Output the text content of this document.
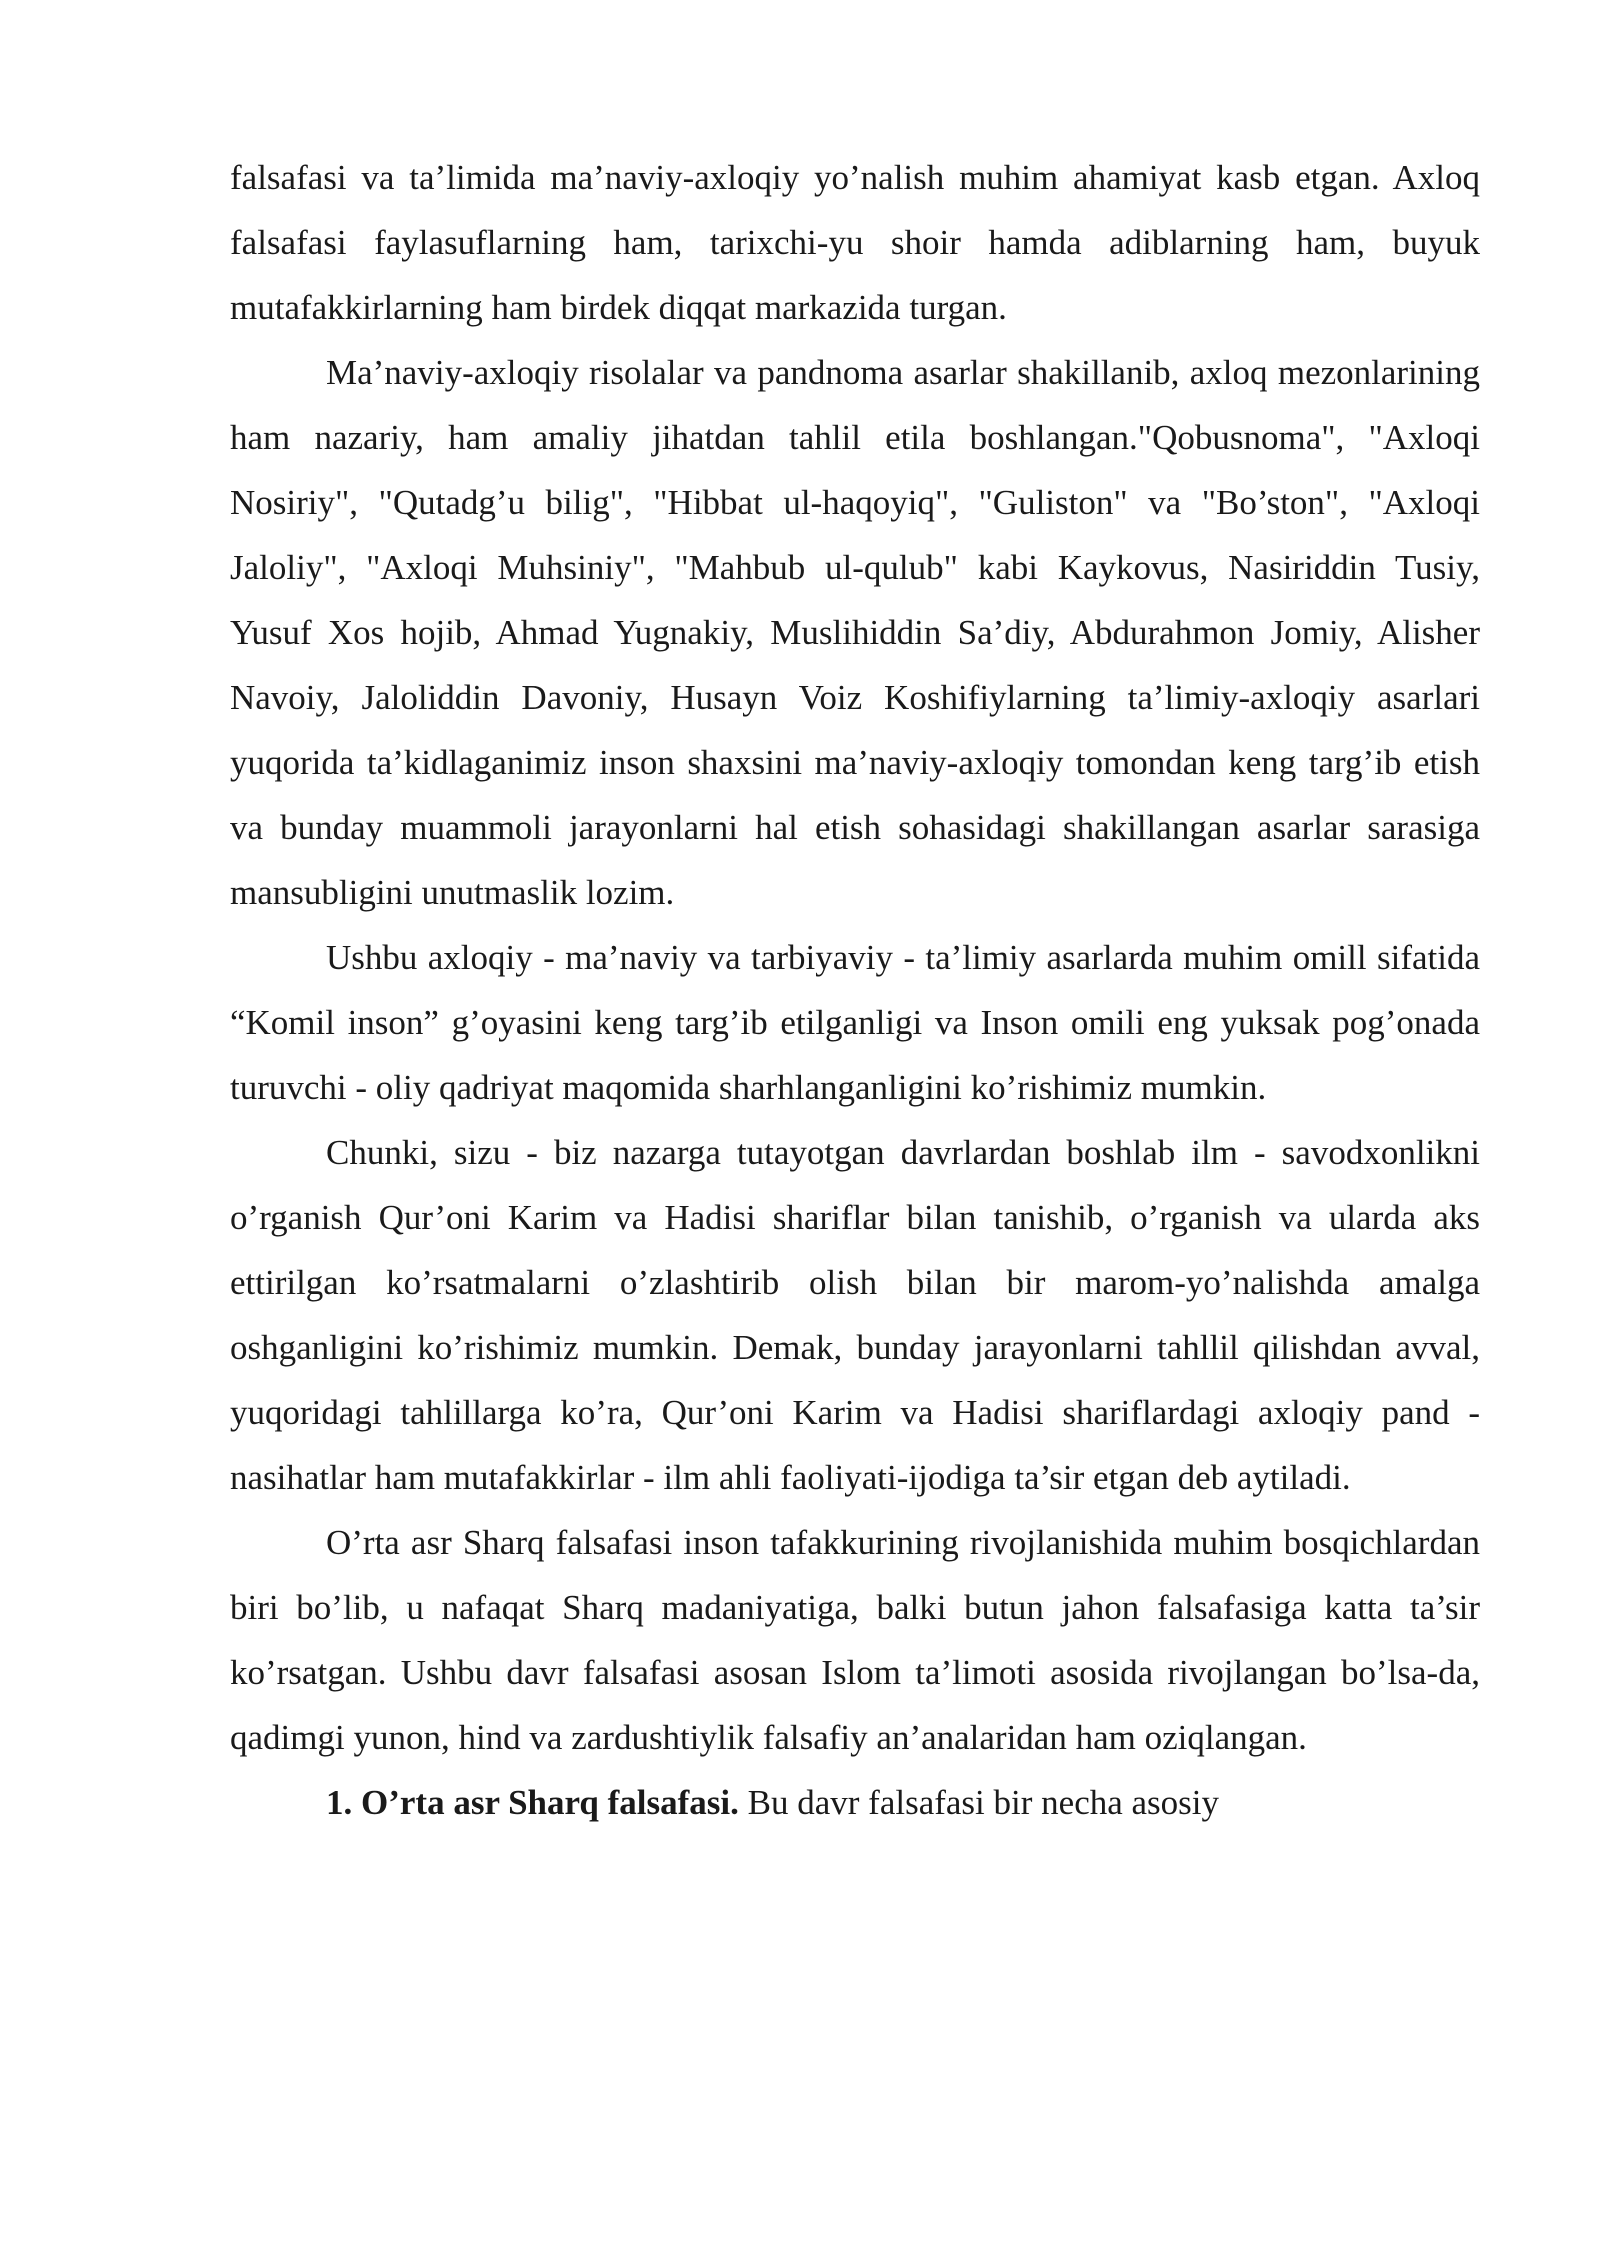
falsafasi va ta’limida ma’naviy-axloqiy yo’nalish muhim ahamiyat kasb etgan. Axloq falsafasi faylasuflarning ham, tarixchi-yu shoir hamda adiblarning ham, buyuk mutafakkirlarning ham birdek diqqat markazida turgan.

Ma’naviy-axloqiy risolalar va pandnoma asarlar shakillanib, axloq mezonlarining ham nazariy, ham amaliy jihatdan tahlil etila boshlangan."Qobusnoma", "Axloqi Nosiriy", "Qutadg’u bilig", "Hibbat ul-haqoyiq", "Guliston" va "Bo’ston", "Axloqi Jaloliy", "Axloqi Muhsiniy", "Mahbub ul-qulub" kabi Kaykovus, Nasiriddin Tusiy, Yusuf Xos hojib, Ahmad Yugnakiy, Muslihiddin Sa’diy, Abdurahmon Jomiy, Alisher Navoiy, Jaloliddin Davoniy, Husayn Voiz Koshifiylarning ta’limiy-axloqiy asarlari yuqorida ta’kidlaganimiz inson shaxsini ma’naviy-axloqiy tomondan keng targ’ib etish va bunday muammoli jarayonlarni hal etish sohasidagi shakillangan asarlar sarasiga mansubligini unutmaslik lozim.

Ushbu axloqiy - ma’naviy va tarbiyaviy - ta’limiy asarlarda muhim omill sifatida “Komil inson” g’oyasini keng targ’ib etilganligi va Inson omili eng yuksak pog’onada turuvchi - oliy qadriyat maqomida sharhlanganligini ko’rishimiz mumkin.

Chunki, sizu - biz nazarga tutayotgan davrlardan boshlab ilm - savodxonlikni o’rganish Qur’oni Karim va Hadisi shariflar bilan tanishib, o’rganish va ularda aks ettirilgan ko’rsatmalarni o’zlashtirib olish bilan bir marom-yo’nalishda amalga oshganligini ko’rishimiz mumkin. Demak, bunday jarayonlarni tahllil qilishdan avval, yuqoridagi tahlillarga ko’ra, Qur’oni Karim va Hadisi shariflardagi axloqiy pand -nasihatlar ham mutafakkirlar - ilm ahli faoliyati-ijodiga ta’sir etgan deb aytiladi.

O’rta asr Sharq falsafasi inson tafakkurining rivojlanishida muhim bosqichlardan biri bo’lib, u nafaqat Sharq madaniyatiga, balki butun jahon falsafasiga katta ta’sir ko’rsatgan. Ushbu davr falsafasi asosan Islom ta’limoti asosida rivojlangan bo’lsa-da, qadimgi yunon, hind va zardushtiylik falsafiy an’analaridan ham oziqlangan.

1. O’rta asr Sharq falsafasi. Bu davr falsafasi bir necha asosiy
